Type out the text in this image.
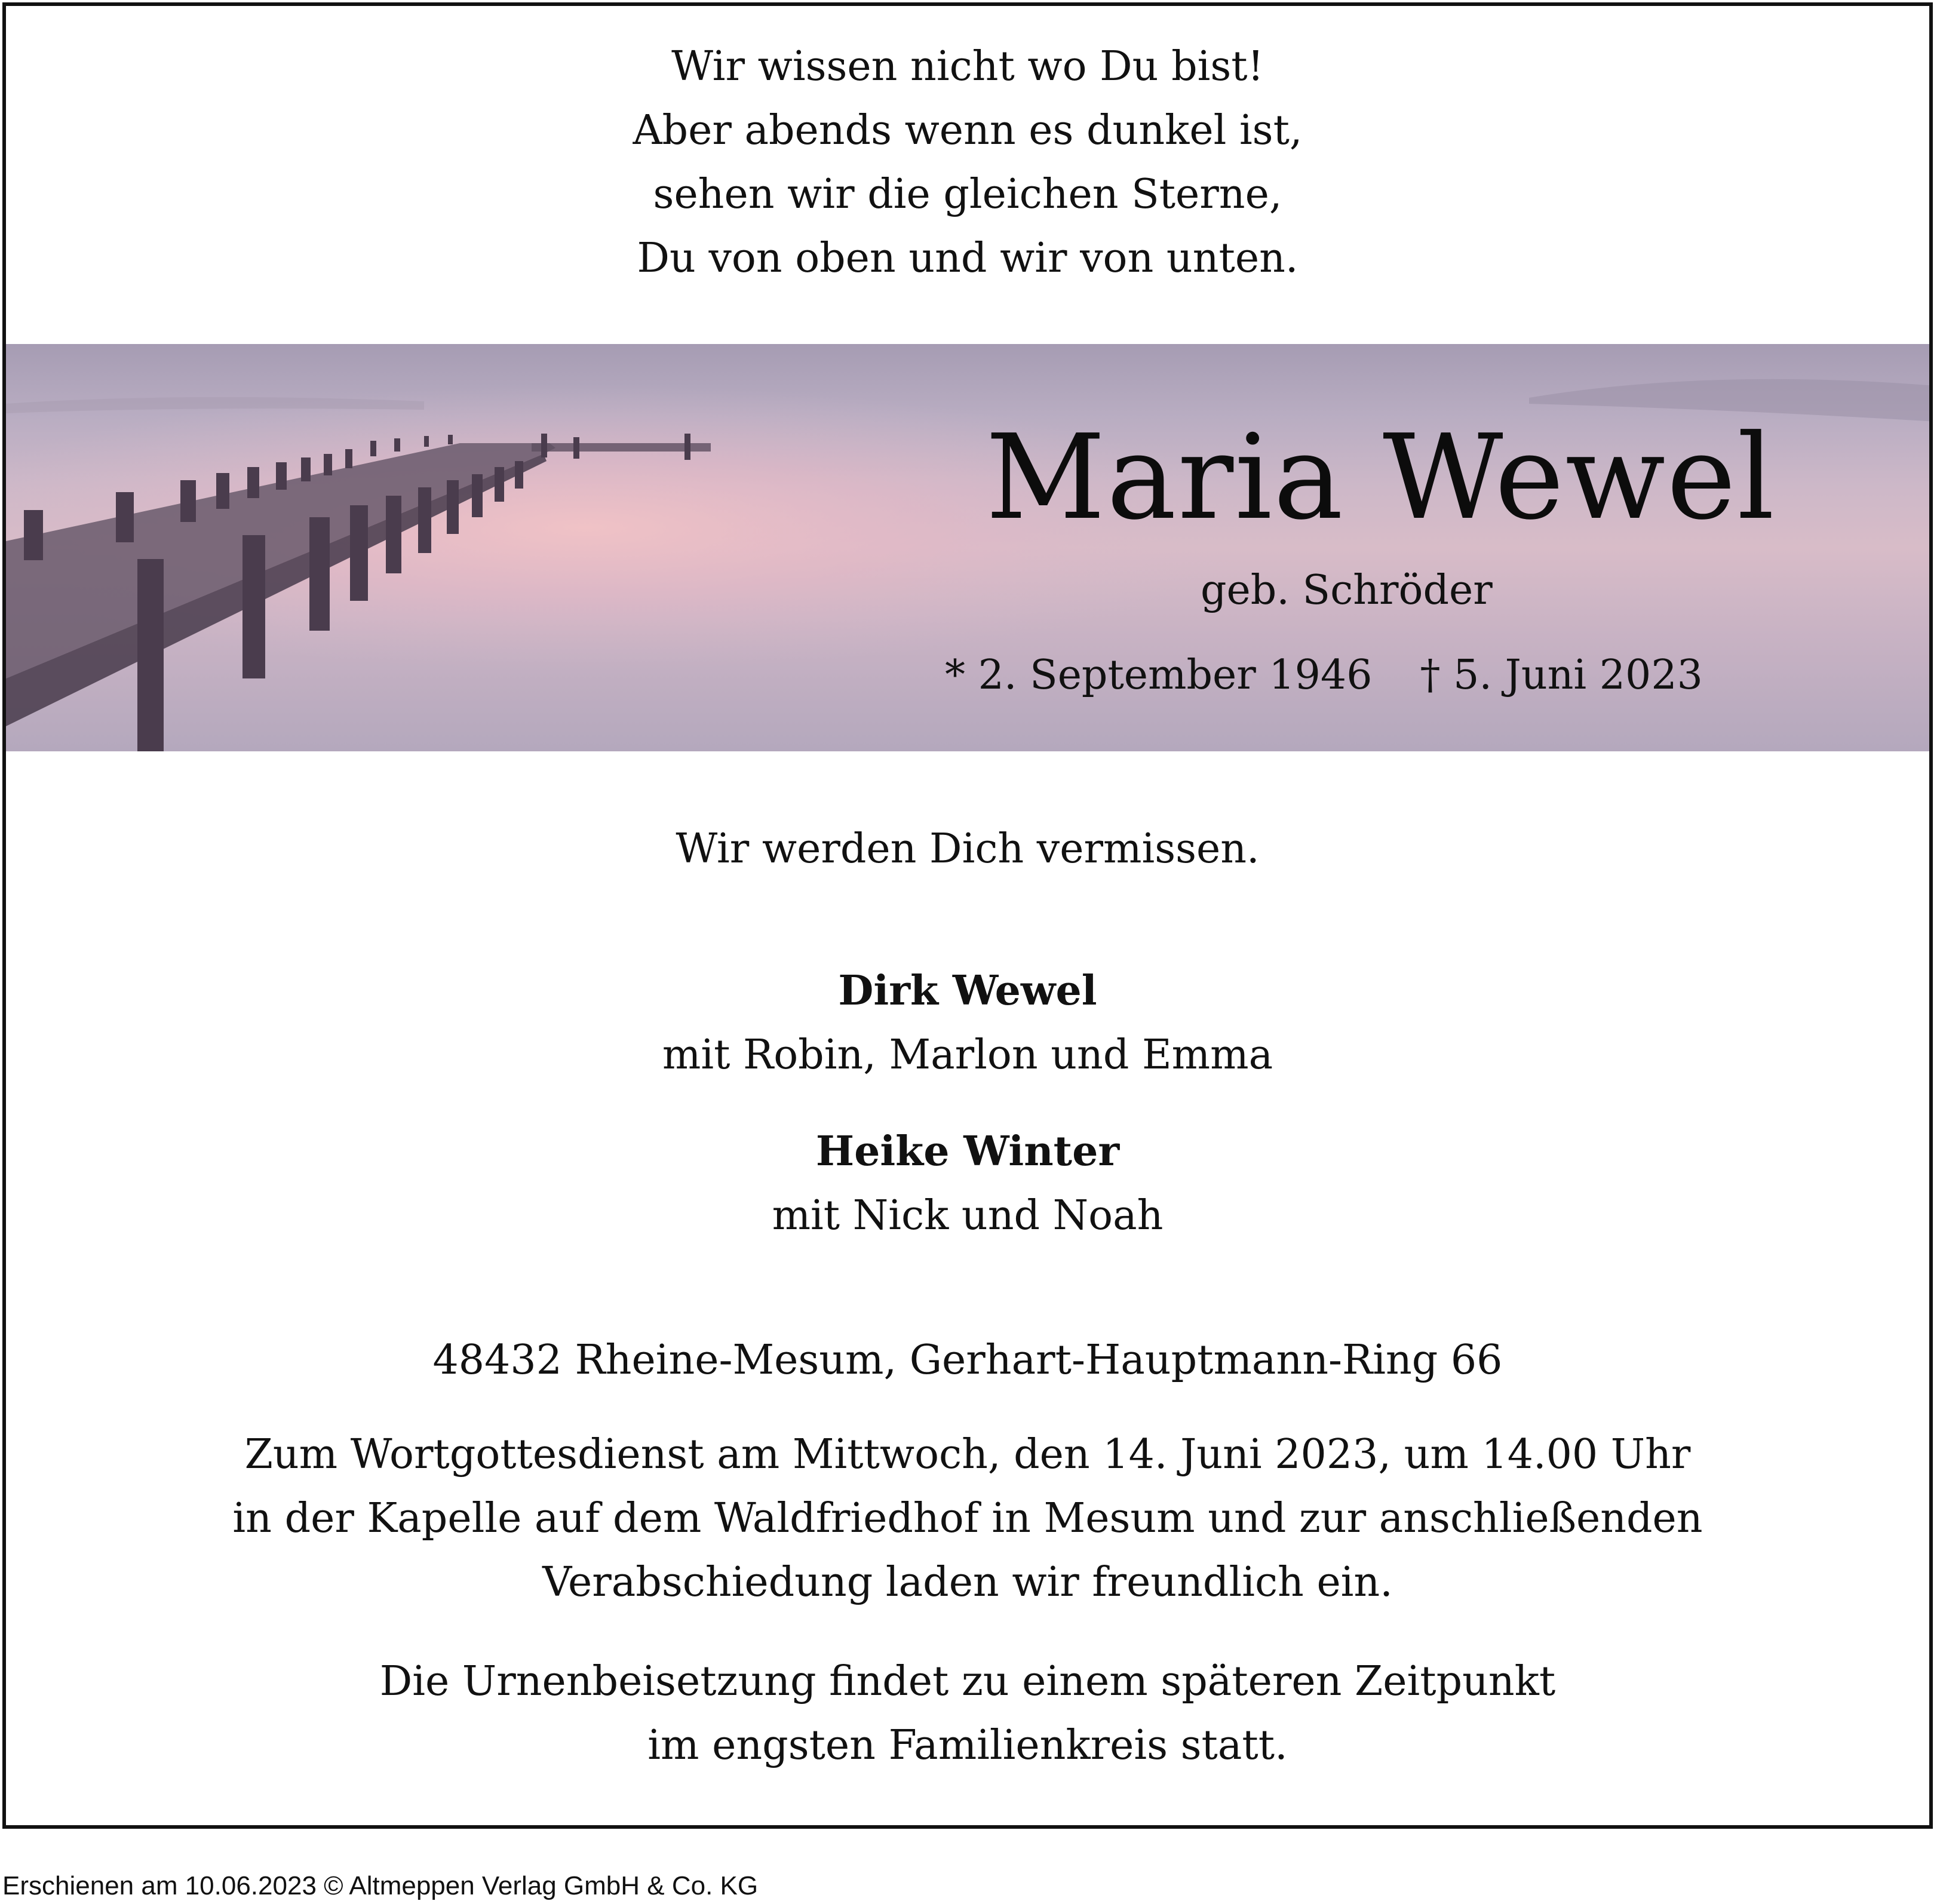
Wir wissen nicht wo Du bist!
Aber abends wenn es dunkel ist,
sehen wir die gleichen Sterne,
Du von oben und wir von unten.
Maria Wewel
geb. Schröder
* 2. September 1946 † 5. Juni 2023
Wir werden Dich vermissen.
Dirk Wewel
mit Robin, Marlon und Emma
Heike Winter
mit Nick und Noah
48432 Rheine-Mesum, Gerhart-Hauptmann-Ring 66
Zum Wortgottesdienst am Mittwoch, den 14. Juni 2023, um 14.00 Uhr
in der Kapelle auf dem Waldfriedhof in Mesum und zur anschließenden
Verabschiedung laden wir freundlich ein.
Die Urnenbeisetzung findet zu einem späteren Zeitpunkt
im engsten Familienkreis statt.
Erschienen am 10.06.2023 © Altmeppen Verlag GmbH & Co. KG
